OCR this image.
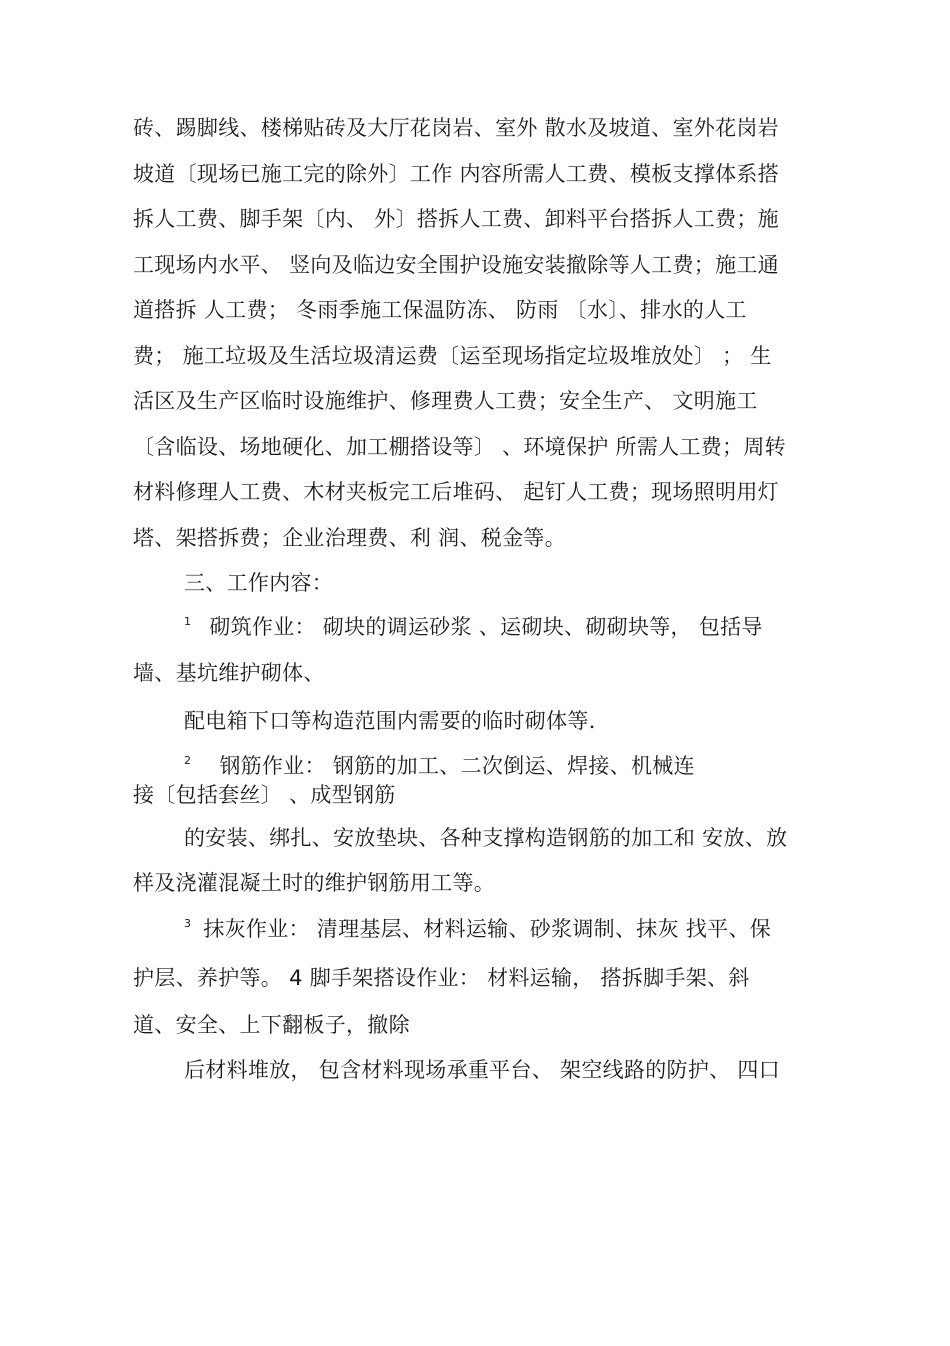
砖、踢脚线、楼梯贴砖及大厅花岗岩、室外 散水及坡道、室外花岗岩
坡道〔现场已施工完的除外〕工作 内容所需人工费、模板支撑体系搭
拆人工费、脚手架〔内、 外〕搭拆人工费、卸料平台搭拆人工费；施
工现场内水平、 竖向及临边安全围护设施安装撤除等人工费；施工通
道搭拆 人工费； 冬雨季施工保温防冻、 防雨 〔水〕、排水的人工
费； 施工垃圾及生活垃圾清运费〔运至现场指定垃圾堆放处〕 ； 生
活区及生产区临时设施维护、修理费人工费；安全生产、 文明施工
〔含临设、场地硬化、加工棚搭设等〕 、环境保护 所需人工费；周转
材料修理人工费、木材夹板完工后堆码、 起钉人工费；现场照明用灯
塔、架搭拆费；企业治理费、利 润、税金等。
三、工作内容：
$^1$ 砌筑作业： 砌块的调运砂浆 、运砌块、砌砌块等， 包括导
墙、基坑维护砌体、
配电箱下口等构造范围内需要的临时砌体等．
$^2$ 钢筋作业： 钢筋的加工、二次倒运、焊接、机械连
接〔包括套丝〕 、成型钢筋
的安装、绑扎、安放垫块、各种支撑构造钢筋的加工和 安放、放
样及浇灌混凝土时的维护钢筋用工等。
$^3$ 抹灰作业： 清理基层、材料运输、砂浆调制、抹灰 找平、保
护层、养护等。 4 脚手架搭设作业： 材料运输， 搭拆脚手架、斜
道、安全、上下翻板子，撤除
后材料堆放， 包含材料现场承重平台、 架空线路的防护、 四口
